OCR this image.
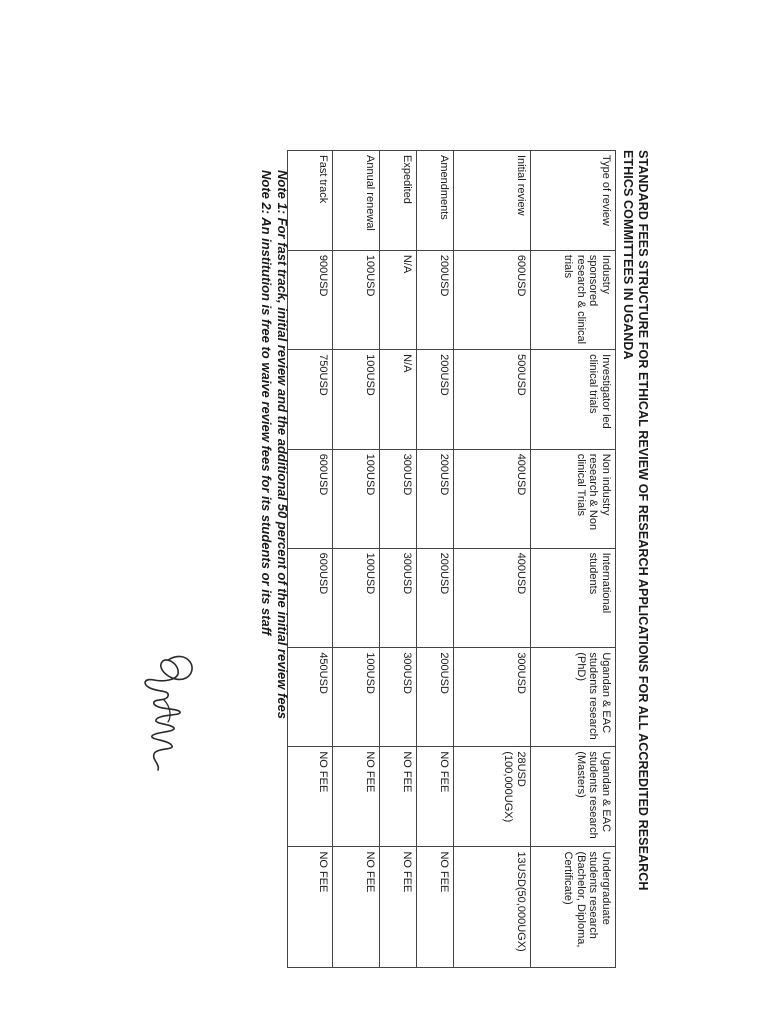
STANDARD FEES STRUCTURE FOR ETHICAL REVIEW OF RESEARCH APPLICATIONS FOR ALL ACCREDITED RESEARCH ETHICS COMMITTEES IN UGANDA
Type of review	Industry sponsored research & clinical trials	Investigator led clinical trials	Non industry research & Non clinical Trials	International students	Ugandan & EAC students research (PhD)	Ugandan & EAC students research (Masters)	Undergraduate students research (Bachelor, Diploma, Certificate)
Initial review	600USD	500USD	400USD	400USD	300USD	28USD (100,000UGX)	13USD(50,000UGX)
Amendments	200USD	200USD	200USD	200USD	200USD	NO FEE	NO FEE
Expedited	N/A	N/A	300USD	300USD	300USD	NO FEE	NO FEE
Annual renewal	100USD	100USD	100USD	100USD	100USD	NO FEE	NO FEE
Fast track	900USD	750USD	600USD	600USD	450USD	NO FEE	NO FEE
Note 1: For fast track, initial review and the additional 50 percent of the initial review fees
Note 2: An institution is free to waive review fees for its students or its staff
